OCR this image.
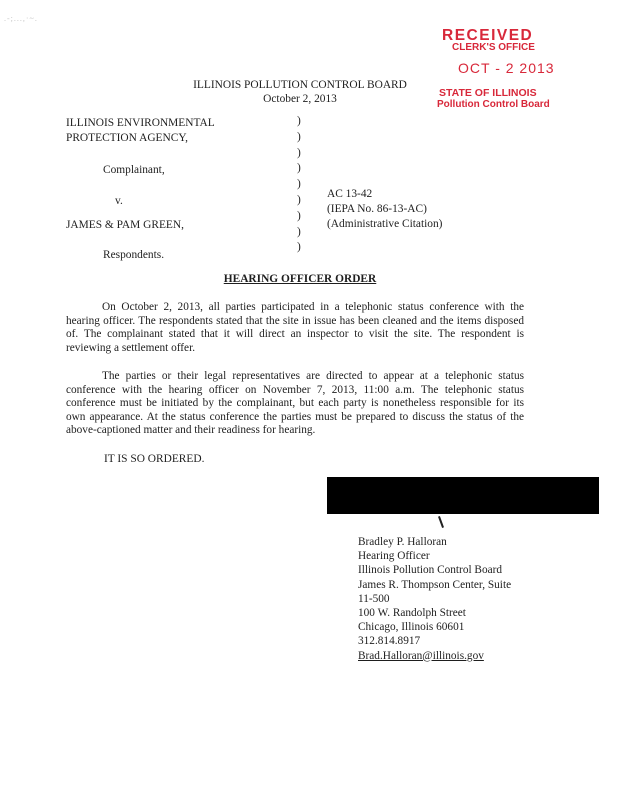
.-;...,·~.
RECEIVED
CLERK'S OFFICE
OCT - 2 2013
STATE OF ILLINOIS
Pollution Control Board
ILLINOIS POLLUTION CONTROL BOARD
October 2, 2013
ILLINOIS ENVIRONMENTAL
PROTECTION AGENCY,
Complainant,
v.
JAMES & PAM GREEN,
Respondents.
)
)
)
)
)
)
)
)
)
AC 13-42
(IEPA No. 86-13-AC)
(Administrative Citation)
HEARING OFFICER ORDER

On October 2, 2013, all parties participated in a telephonic status conference with the hearing officer. The respondents stated that the site in issue has been cleaned and the items disposed of. The complainant stated that it will direct an inspector to visit the site. The respondent is reviewing a settlement offer.

The parties or their legal representatives are directed to appear at a telephonic status conference with the hearing officer on November 7, 2013, 11:00 a.m. The telephonic status conference must be initiated by the complainant, but each party is nonetheless responsible for its own appearance. At the status conference the parties must be prepared to discuss the status of the above-captioned matter and their readiness for hearing.

IT IS SO ORDERED.
Bradley P. Halloran
Hearing Officer
Illinois Pollution Control Board
James R. Thompson Center, Suite
11-500
100 W. Randolph Street
Chicago, Illinois 60601
312.814.8917
Brad.Halloran@illinois.gov
